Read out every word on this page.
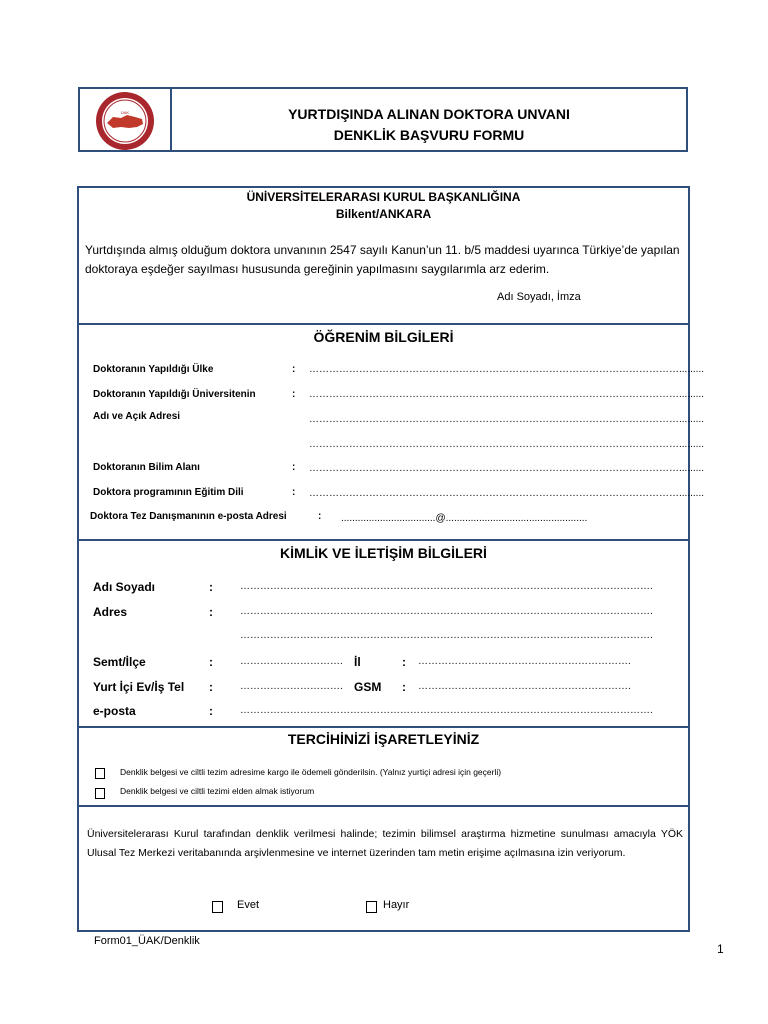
ÜAK	YURTDIŞINDA ALINAN DOKTORA UNVANI
DENKLİK BAŞVURU FORMU
ÜNİVERSİTELERARASI KURUL BAŞKANLIĞINA
Bilkent/ANKARA
Yurtdışında almış olduğum doktora unvanının 2547 sayılı Kanun’un 11. b/5 maddesi uyarınca Türkiye’de yapılan doktoraya eşdeğer sayılması hususunda gereğinin yapılmasını saygılarımla arz ederim.
Adı Soyadı, İmza
ÖĞRENİM BİLGİLERİ
Doktoranın Yapıldığı Ülke	: ………………………………………………………………………………………………….........
Doktoranın Yapıldığı Üniversitenin	: ………………………………………………………………………………………………….........
Adı ve Açık Adresi	………………………………………………………………………………………………….........
………………………………………………………………………………………………….........
Doktoranın Bilim Alanı	: ………………………………………………………………………………………………….........
Doktora programının Eğitim Dili	: ………………………………………………………………………………………………….........
Doktora Tez Danışmanının e-posta Adresi	: ..................................@...................................................
KİMLİK VE İLETİŞİM BİLGİLERİ
Adı Soyadı	:	…………………………………………………………………………………………………………….
Adres	:	…………………………………………………………………………………………………………….
…………………………………………………………………………………………………………….
Semt/İlçe	:	…………………………. İl	: ……………………………………………………….
Yurt İçi Ev/İş Tel :	…………………………. GSM : ……………………………………………………….
e-posta	:	…………………………………………………………………………………………………………….
TERCİHİNİZİ İŞARETLEYİNİZ
Denklik belgesi ve ciltli tezim adresime kargo ile ödemeli gönderilsin. (Yalnız yurtiçi adresi için geçerli)
Denklik belgesi ve ciltli tezimi elden almak istiyorum
Üniversitelerarası Kurul tarafından denklik verilmesi halinde; tezimin bilimsel araştırma hizmetine sunulması amacıyla YÖK Ulusal Tez Merkezi veritabanında arşivlenmesine ve internet üzerinden tam metin erişime açılmasına izin veriyorum.
Evet	Hayır
Form01_ÜAK/Denklik
1
